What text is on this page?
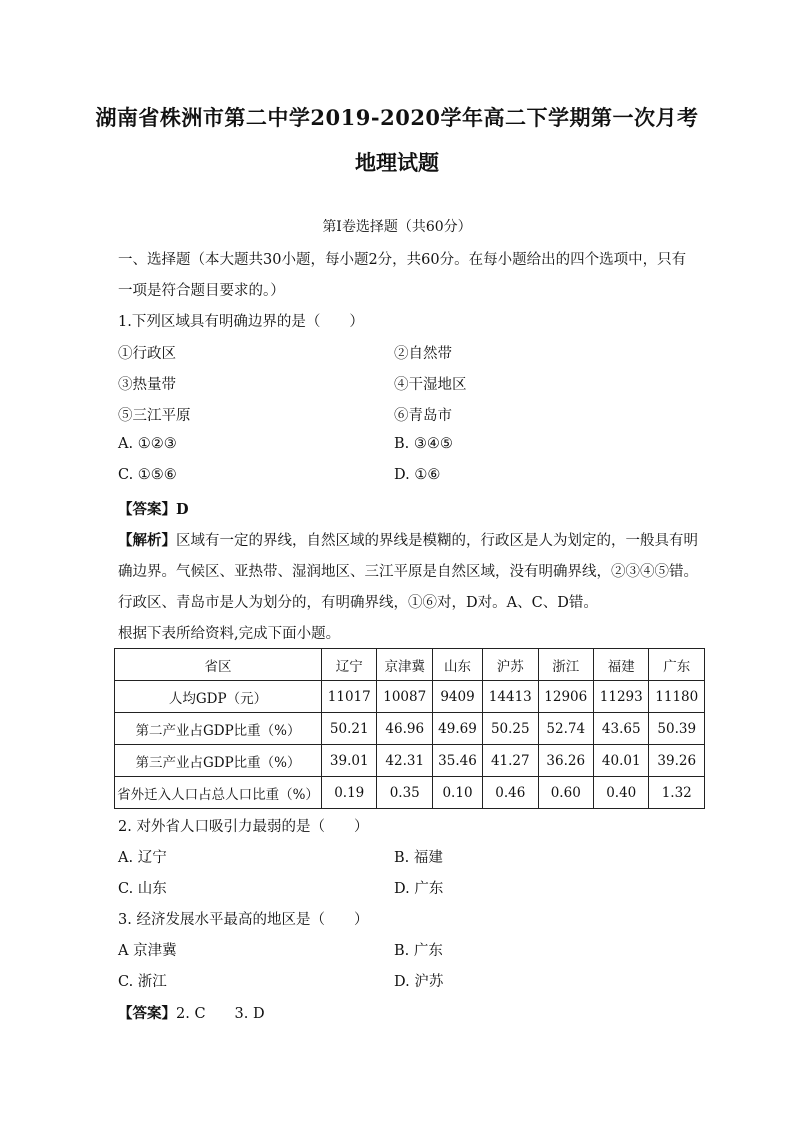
湖南省株洲市第二中学2019-2020学年高二下学期第一次月考
地理试题
第Ⅰ卷选择题（共60分）
一、选择题（本大题共30小题，每小题2分，共60分。在每小题给出的四个选项中，只有
一项是符合题目要求的。）
1.下列区域具有明确边界的是（　　）
①行政区	②自然带
③热量带	④干湿地区
⑤三江平原	⑥青岛市
A. ①②③	B. ③④⑤
C. ①⑤⑥	D. ①⑥
【答案】D
【解析】区域有一定的界线，自然区域的界线是模糊的，行政区是人为划定的，一般具有明
确边界。气候区、亚热带、湿润地区、三江平原是自然区域，没有明确界线，②③④⑤错。
行政区、青岛市是人为划分的，有明确界线，①⑥对，D对。A、C、D错。
根据下表所给资料,完成下面小题。
省区	辽宁	京津冀	山东	沪苏	浙江	福建	广东
人均GDP（元）	11017	10087	9409	14413	12906	11293	11180
第二产业占GDP比重（%）	50.21	46.96	49.69	50.25	52.74	43.65	50.39
第三产业占GDP比重（%）	39.01	42.31	35.46	41.27	36.26	40.01	39.26
省外迁入人口占总人口比重（%）	0.19	0.35	0.10	0.46	0.60	0.40	1.32
2. 对外省人口吸引力最弱的是（　　）
A. 辽宁	B. 福建
C. 山东	D. 广东
3. 经济发展水平最高的地区是（　　）
A 京津冀	B. 广东
C. 浙江	D. 沪苏
【答案】2. C　　3. D
